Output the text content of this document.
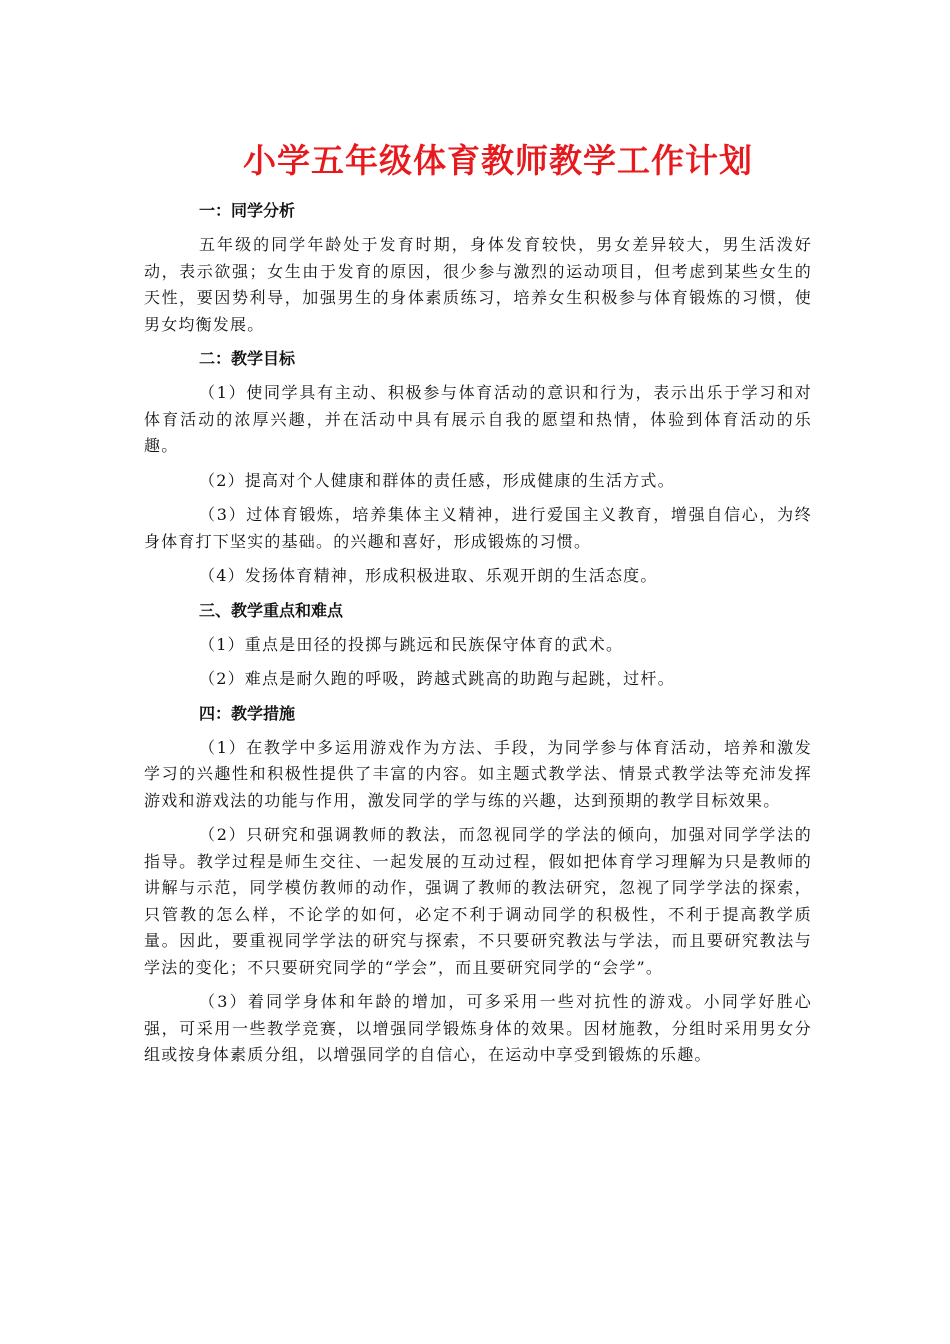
小学五年级体育教师教学工作计划
一：同学分析

五年级的同学年龄处于发育时期，身体发育较快，男女差异较大，男生活泼好动，表示欲强；女生由于发育的原因，很少参与激烈的运动项目，但考虑到某些女生的天性，要因势利导，加强男生的身体素质练习，培养女生积极参与体育锻炼的习惯，使男女均衡发展。

二：教学目标

（1）使同学具有主动、积极参与体育活动的意识和行为，表示出乐于学习和对体育活动的浓厚兴趣，并在活动中具有展示自我的愿望和热情，体验到体育活动的乐趣。

（2）提高对个人健康和群体的责任感，形成健康的生活方式。

（3）过体育锻炼，培养集体主义精神，进行爱国主义教育，增强自信心，为终身体育打下坚实的基础。的兴趣和喜好，形成锻炼的习惯。

（4）发扬体育精神，形成积极进取、乐观开朗的生活态度。

三、教学重点和难点

（1）重点是田径的投掷与跳远和民族保守体育的武术。

（2）难点是耐久跑的呼吸，跨越式跳高的助跑与起跳，过杆。

四：教学措施

（1）在教学中多运用游戏作为方法、手段，为同学参与体育活动，培养和激发学习的兴趣性和积极性提供了丰富的内容。如主题式教学法、情景式教学法等充沛发挥游戏和游戏法的功能与作用，激发同学的学与练的兴趣，达到预期的教学目标效果。

（2）只研究和强调教师的教法，而忽视同学的学法的倾向，加强对同学学法的指导。教学过程是师生交往、一起发展的互动过程，假如把体育学习理解为只是教师的讲解与示范，同学模仿教师的动作，强调了教师的教法研究，忽视了同学学法的探索，只管教的怎么样，不论学的如何，必定不利于调动同学的积极性，不利于提高教学质量。因此，要重视同学学法的研究与探索，不只要研究教法与学法，而且要研究教法与学法的变化；不只要研究同学的“学会”，而且要研究同学的“会学”。

（3）着同学身体和年龄的增加，可多采用一些对抗性的游戏。小同学好胜心强，可采用一些教学竞赛，以增强同学锻炼身体的效果。因材施教，分组时采用男女分组或按身体素质分组，以增强同学的自信心，在运动中享受到锻炼的乐趣。
